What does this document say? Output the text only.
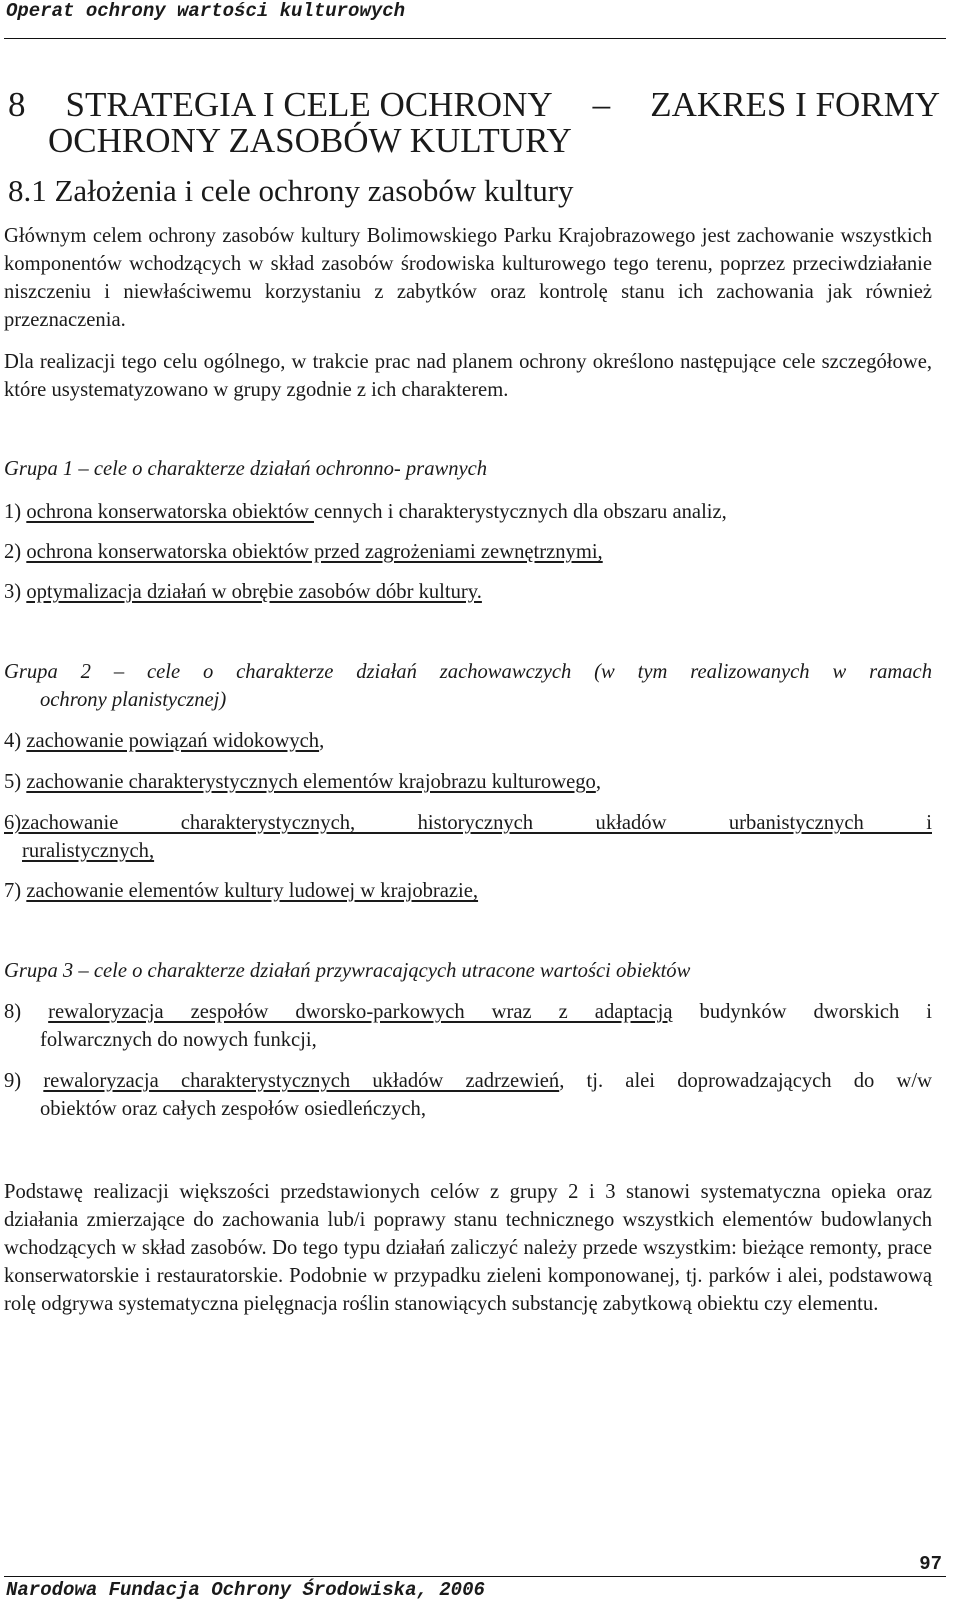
Operat ochrony wartości kulturowych
8 STRATEGIA I CELE OCHRONY – ZAKRES I FORMY
OCHRONY ZASOBÓW KULTURY
8.1 Założenia i cele ochrony zasobów kultury
Głównym celem ochrony zasobów kultury Bolimowskiego Parku Krajobrazowego jest zachowanie wszystkich komponentów wchodzących w skład zasobów środowiska kulturowego tego terenu, poprzez przeciwdziałanie niszczeniu i niewłaściwemu korzystaniu z zabytków oraz kontrolę stanu ich zachowania jak również przeznaczenia.
Dla realizacji tego celu ogólnego, w trakcie prac nad planem ochrony określono następujące cele szczegółowe, które usystematyzowano w grupy zgodnie z ich charakterem.
Grupa 1 – cele o charakterze działań ochronno- prawnych
1) ochrona konserwatorska obiektów cennych i charakterystycznych dla obszaru analiz,
2) ochrona konserwatorska obiektów przed zagrożeniami zewnętrznymi,
3) optymalizacja działań w obrębie zasobów dóbr kultury.
Grupa 2 – cele o charakterze działań zachowawczych (w tym realizowanych w ramach
ochrony planistycznej)
4) zachowanie powiązań widokowych,
5) zachowanie charakterystycznych elementów krajobrazu kulturowego,
6)zachowanie charakterystycznych, historycznych układów urbanistycznych i
ruralistycznych,
7) zachowanie elementów kultury ludowej w krajobrazie,
Grupa 3 – cele o charakterze działań przywracających utracone wartości obiektów
8) rewaloryzacja zespołów dworsko-parkowych wraz z adaptacją budynków dworskich i
folwarcznych do nowych funkcji,
9) rewaloryzacja charakterystycznych układów zadrzewień, tj. alei doprowadzających do w/w
obiektów oraz całych zespołów osiedleńczych,
Podstawę realizacji większości przedstawionych celów z grupy 2 i 3 stanowi systematyczna opieka oraz działania zmierzające do zachowania lub/i poprawy stanu technicznego wszystkich elementów budowlanych wchodzących w skład zasobów. Do tego typu działań zaliczyć należy przede wszystkim: bieżące remonty, prace konserwatorskie i restauratorskie. Podobnie w przypadku zieleni komponowanej, tj. parków i alei, podstawową rolę odgrywa systematyczna pielęgnacja roślin stanowiących substancję zabytkową obiektu czy elementu.
97
Narodowa Fundacja Ochrony Środowiska, 2006
